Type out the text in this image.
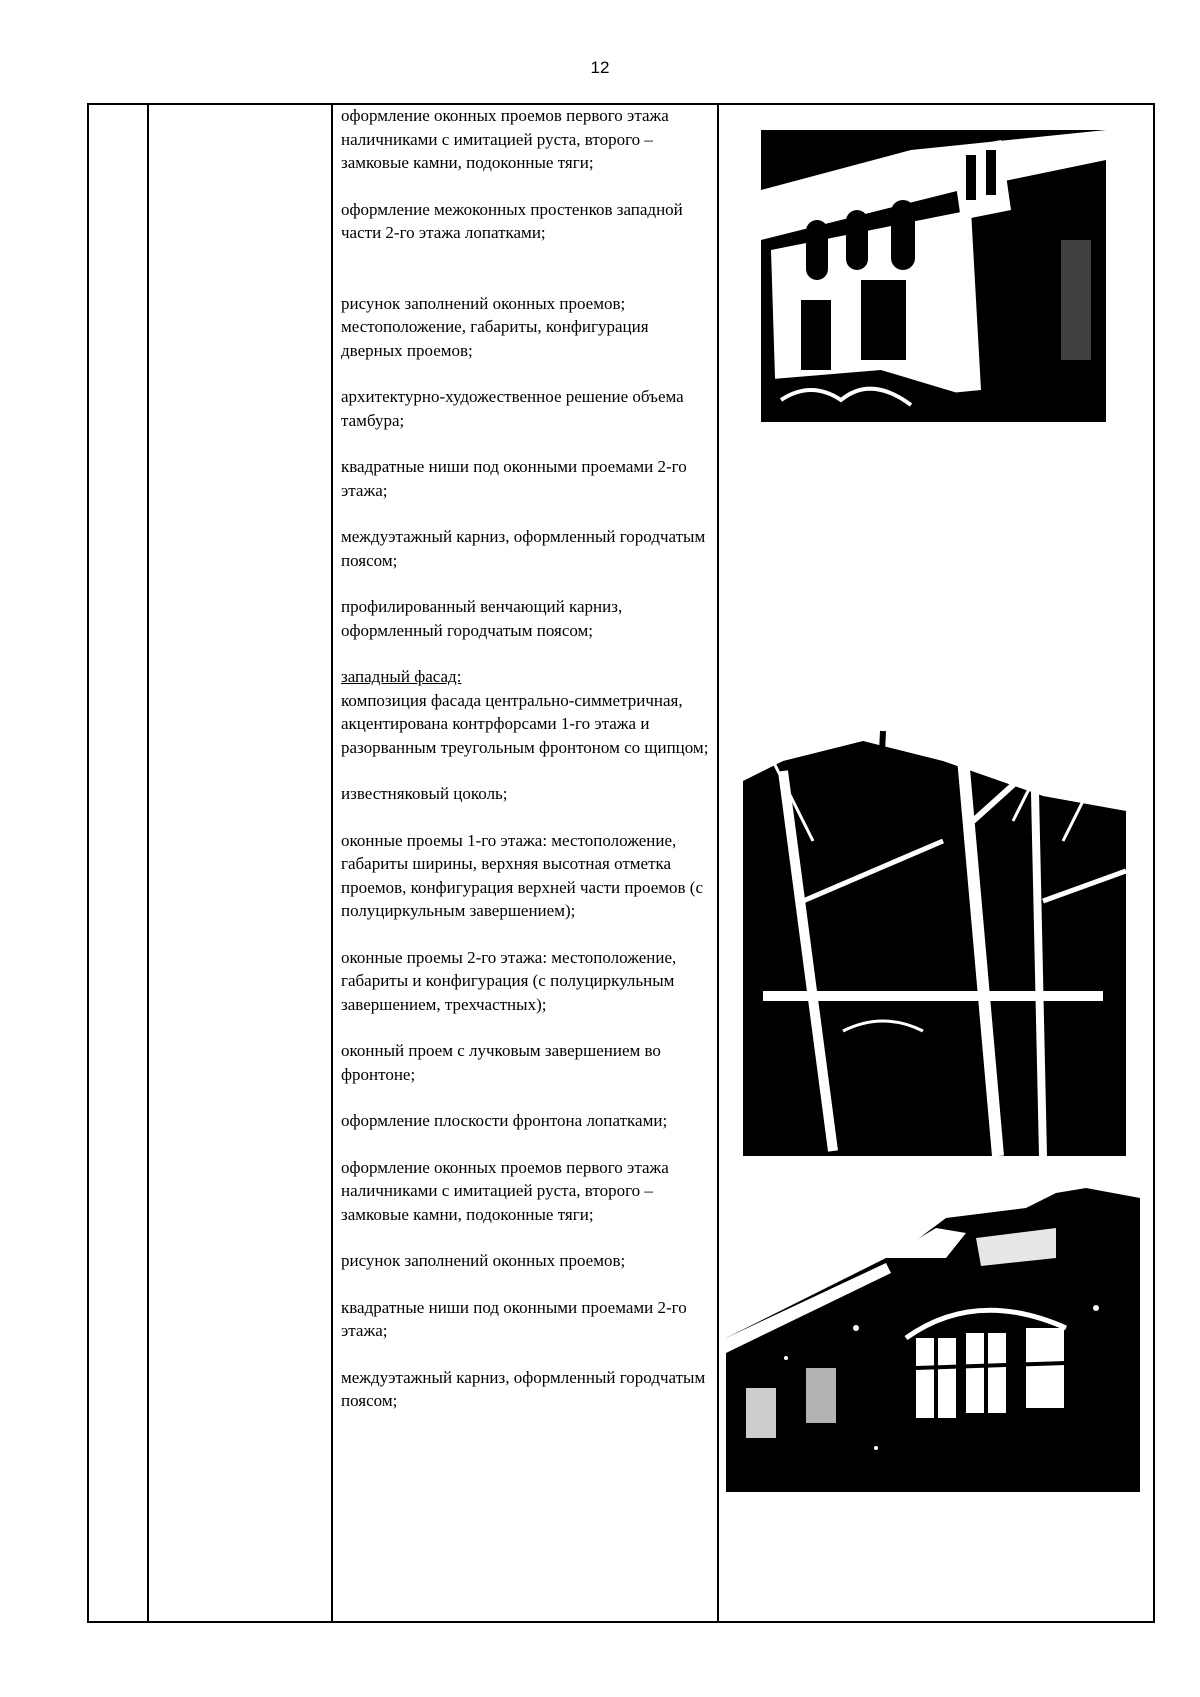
12

оформление оконных проемов первого этажа наличниками с имитацией руста, второго – замковые камни, подоконные тяги;

оформление межоконных простенков западной части 2-го этажа лопатками;

рисунок заполнений оконных проемов; местоположение, габариты, конфигурация дверных проемов;

архитектурно-художественное решение объема тамбура;

квадратные ниши под оконными проемами 2-го этажа;

междуэтажный карниз, оформленный городчатым поясом;

профилированный венчающий карниз, оформленный городчатым поясом;

западный фасад:

композиция фасада центрально-симметричная, акцентирована контрфорсами 1-го этажа и разорванным треугольным фронтоном со щипцом;

известняковый цоколь;

оконные проемы 1-го этажа: местоположение, габариты ширины, верхняя высотная отметка проемов, конфигурация верхней части проемов (с полуциркульным завершением);

оконные проемы 2-го этажа: местоположение, габариты и конфигурация (с полуциркульным завершением, трехчастных);

оконный проем с лучковым завершением во фронтоне;

оформление плоскости фронтона лопатками;

оформление оконных проемов первого этажа наличниками с имитацией руста, второго – замковые камни, подоконные тяги;

рисунок заполнений оконных проемов;

квадратные ниши под оконными проемами 2-го этажа;

междуэтажный карниз, оформленный городчатым поясом;
